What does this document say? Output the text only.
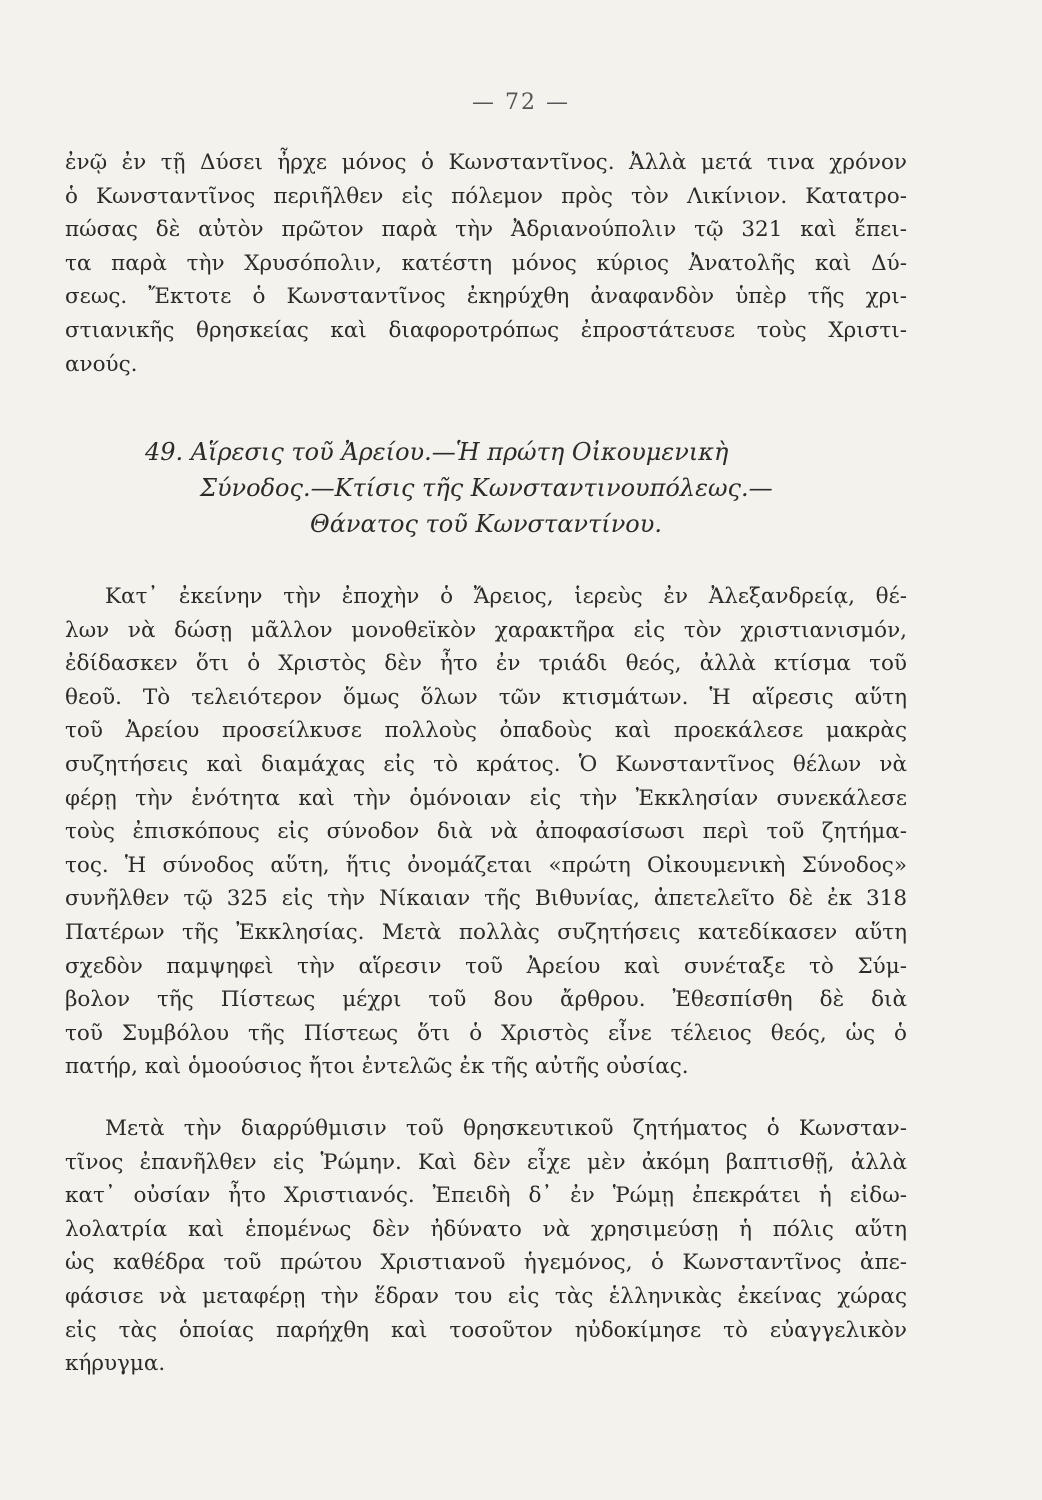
— 72 —
ἐνῷ ἐν τῇ Δύσει ἦρχε μόνος ὁ Κωνσταντῖνος. Ἀλλὰ μετά τινα χρόνον
ὁ Κωνσταντῖνος περιῆλθεν εἰς πόλεμον πρὸς τὸν Λικίνιον. Κατατρο-
πώσας δὲ αὐτὸν πρῶτον παρὰ τὴν Ἀδριανούπολιν τῷ 321 καὶ ἔπει-
τα παρὰ τὴν Χρυσόπολιν, κατέστη μόνος κύριος Ἀνατολῆς καὶ Δύ-
σεως. Ἔκτοτε ὁ Κωνσταντῖνος ἐκηρύχθη ἀναφανδὸν ὑπὲρ τῆς χρι-
στιανικῆς θρησκείας καὶ διαφοροτρόπως ἐπροστάτευσε τοὺς Χριστι-
ανούς.
49. Αἵρεσις τοῦ Ἀρείου.—Ἡ πρώτη Οἰκουμενικὴ
Σύνοδος.—Κτίσις τῆς Κωνσταντινουπόλεως.—
Θάνατος τοῦ Κωνσταντίνου.
Κατ᾽ ἐκείνην τὴν ἐποχὴν ὁ Ἄρειος, ἱερεὺς ἐν Ἀλεξανδρείᾳ, θέ-
λων νὰ δώσῃ μᾶλλον μονοθεϊκὸν χαρακτῆρα εἰς τὸν χριστιανισμόν,
ἐδίδασκεν ὅτι ὁ Χριστὸς δὲν ἦτο ἐν τριάδι θεός, ἀλλὰ κτίσμα τοῦ
θεοῦ. Τὸ τελειότερον ὅμως ὅλων τῶν κτισμάτων. Ἡ αἵρεσις αὕτη
τοῦ Ἀρείου προσείλκυσε πολλοὺς ὀπαδοὺς καὶ προεκάλεσε μακρὰς
συζητήσεις καὶ διαμάχας εἰς τὸ κράτος. Ὁ Κωνσταντῖνος θέλων νὰ
φέρῃ τὴν ἑνότητα καὶ τὴν ὁμόνοιαν εἰς τὴν Ἐκκλησίαν συνεκάλεσε
τοὺς ἐπισκόπους εἰς σύνοδον διὰ νὰ ἀποφασίσωσι περὶ τοῦ ζητήμα-
τος. Ἡ σύνοδος αὕτη, ἥτις ὀνομάζεται «πρώτη Οἰκουμενικὴ Σύνοδος»
συνῆλθεν τῷ 325 εἰς τὴν Νίκαιαν τῆς Βιθυνίας, ἀπετελεῖτο δὲ ἐκ 318
Πατέρων τῆς Ἐκκλησίας. Μετὰ πολλὰς συζητήσεις κατεδίκασεν αὕτη
σχεδὸν παμψηφεὶ τὴν αἵρεσιν τοῦ Ἀρείου καὶ συνέταξε τὸ Σύμ-
βολον τῆς Πίστεως μέχρι τοῦ 8ου ἄρθρου. Ἐθεσπίσθη δὲ διὰ
τοῦ Συμβόλου τῆς Πίστεως ὅτι ὁ Χριστὸς εἶνε τέλειος θεός, ὡς ὁ
πατήρ, καὶ ὁμοούσιος ἤτοι ἐντελῶς ἐκ τῆς αὐτῆς οὐσίας.
Μετὰ τὴν διαρρύθμισιν τοῦ θρησκευτικοῦ ζητήματος ὁ Κωνσταν-
τῖνος ἐπανῆλθεν εἰς Ῥώμην. Καὶ δὲν εἶχε μὲν ἀκόμη βαπτισθῇ, ἀλλὰ
κατ᾽ οὐσίαν ἦτο Χριστιανός. Ἐπειδὴ δ᾽ ἐν Ῥώμῃ ἐπεκράτει ἡ εἰδω-
λολατρία καὶ ἑπομένως δὲν ἠδύνατο νὰ χρησιμεύσῃ ἡ πόλις αὕτη
ὡς καθέδρα τοῦ πρώτου Χριστιανοῦ ἡγεμόνος, ὁ Κωνσταντῖνος ἀπε-
φάσισε νὰ μεταφέρῃ τὴν ἕδραν του εἰς τὰς ἑλληνικὰς ἐκείνας χώρας
εἰς τὰς ὁποίας παρήχθη καὶ τοσοῦτον ηὐδοκίμησε τὸ εὐαγγελικὸν
κήρυγμα.
